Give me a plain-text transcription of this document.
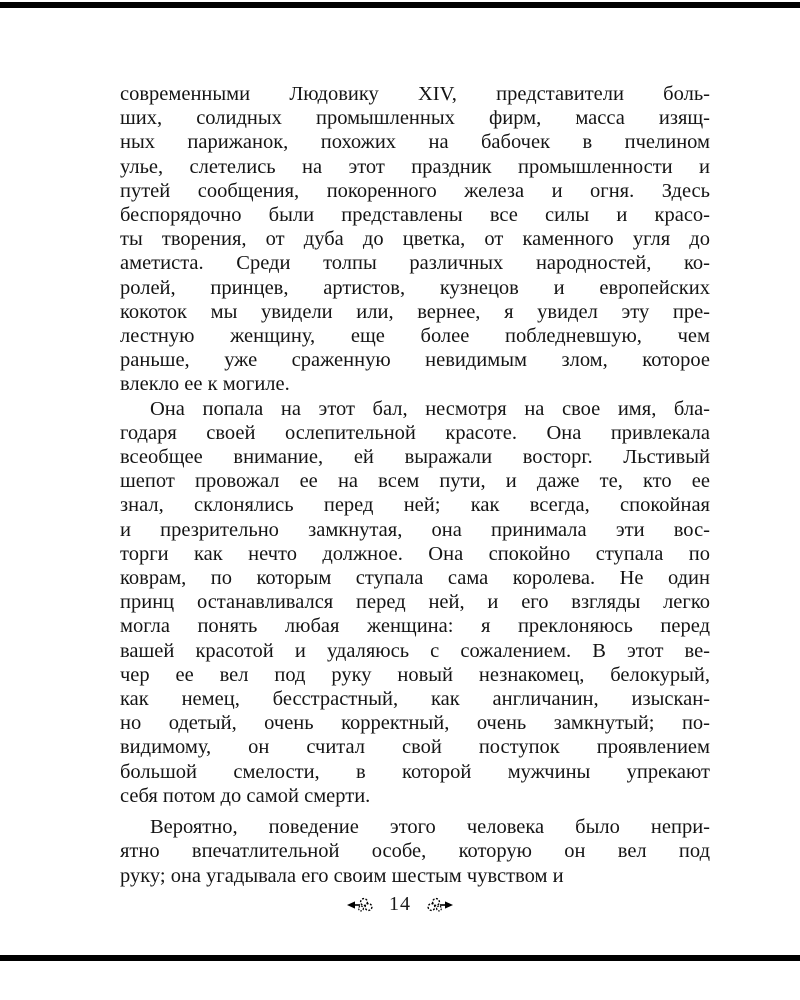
современными Людовику XIV, представители боль-
ших, солидных промышленных фирм, масса изящ-
ных парижанок, похожих на бабочек в пчелином
улье, слетелись на этот праздник промышленности и
путей сообщения, покоренного железа и огня. Здесь
беспорядочно были представлены все силы и красо-
ты творения, от дуба до цветка, от каменного угля до
аметиста. Среди толпы различных народностей, ко-
ролей, принцев, артистов, кузнецов и европейских
кокоток мы увидели или, вернее, я увидел эту пре-
лестную женщину, еще более побледневшую, чем
раньше, уже сраженную невидимым злом, которое
влекло ее к могиле.
Она попала на этот бал, несмотря на свое имя, бла-
годаря своей ослепительной красоте. Она привлекала
всеобщее внимание, ей выражали восторг. Льстивый
шепот провожал ее на всем пути, и даже те, кто ее
знал, склонялись перед ней; как всегда, спокойная
и презрительно замкнутая, она принимала эти вос-
торги как нечто должное. Она спокойно ступала по
коврам, по которым ступала сама королева. Не один
принц останавливался перед ней, и его взгляды легко
могла понять любая женщина: я преклоняюсь перед
вашей красотой и удаляюсь с сожалением. В этот ве-
чер ее вел под руку новый незнакомец, белокурый,
как немец, бесстрастный, как англичанин, изыскан-
но одетый, очень корректный, очень замкнутый; по-
видимому, он считал свой поступок проявлением
большой смелости, в которой мужчины упрекают
себя потом до самой смерти.
Вероятно, поведение этого человека было непри-
ятно впечатлительной особе, которую он вел под
руку; она угадывала его своим шестым чувством и
14
